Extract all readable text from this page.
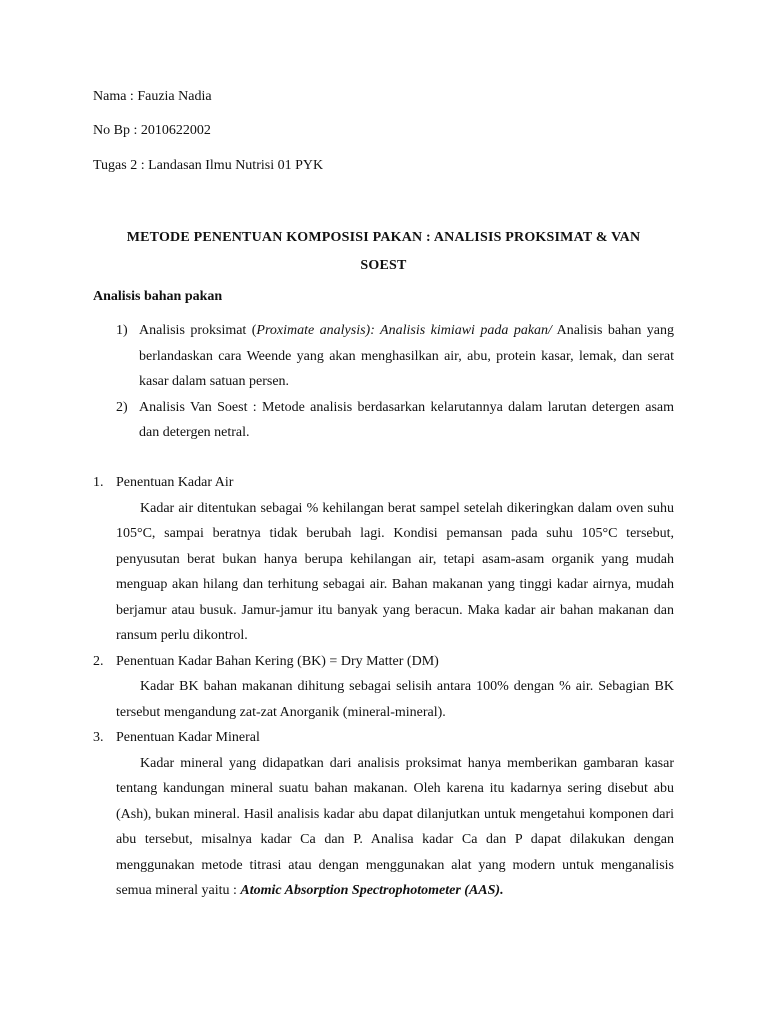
Nama : Fauzia Nadia
No Bp : 2010622002
Tugas 2 : Landasan Ilmu Nutrisi 01 PYK
METODE PENENTUAN KOMPOSISI PAKAN : ANALISIS PROKSIMAT & VAN
SOEST
Analisis bahan pakan
1) Analisis proksimat (Proximate analysis): Analisis kimiawi pada pakan/ Analisis bahan yang berlandaskan cara Weende yang akan menghasilkan air, abu, protein kasar, lemak, dan serat kasar dalam satuan persen.
2) Analisis Van Soest : Metode analisis berdasarkan kelarutannya dalam larutan detergen asam dan detergen netral.
1. Penentuan Kadar Air
Kadar air ditentukan sebagai % kehilangan berat sampel setelah dikeringkan dalam oven suhu 105°C, sampai beratnya tidak berubah lagi. Kondisi pemansan pada suhu 105°C tersebut, penyusutan berat bukan hanya berupa kehilangan air, tetapi asam-asam organik yang mudah menguap akan hilang dan terhitung sebagai air. Bahan makanan yang tinggi kadar airnya, mudah berjamur atau busuk. Jamur-jamur itu banyak yang beracun. Maka kadar air bahan makanan dan ransum perlu dikontrol.
2. Penentuan Kadar Bahan Kering (BK) = Dry Matter (DM)
Kadar BK bahan makanan dihitung sebagai selisih antara 100% dengan % air. Sebagian BK tersebut mengandung zat-zat Anorganik (mineral-mineral).
3. Penentuan Kadar Mineral
Kadar mineral yang didapatkan dari analisis proksimat hanya memberikan gambaran kasar tentang kandungan mineral suatu bahan makanan. Oleh karena itu kadarnya sering disebut abu (Ash), bukan mineral. Hasil analisis kadar abu dapat dilanjutkan untuk mengetahui komponen dari abu tersebut, misalnya kadar Ca dan P. Analisa kadar Ca dan P dapat dilakukan dengan menggunakan metode titrasi atau dengan menggunakan alat yang modern untuk menganalisis semua mineral yaitu : Atomic Absorption Spectrophotometer (AAS).
